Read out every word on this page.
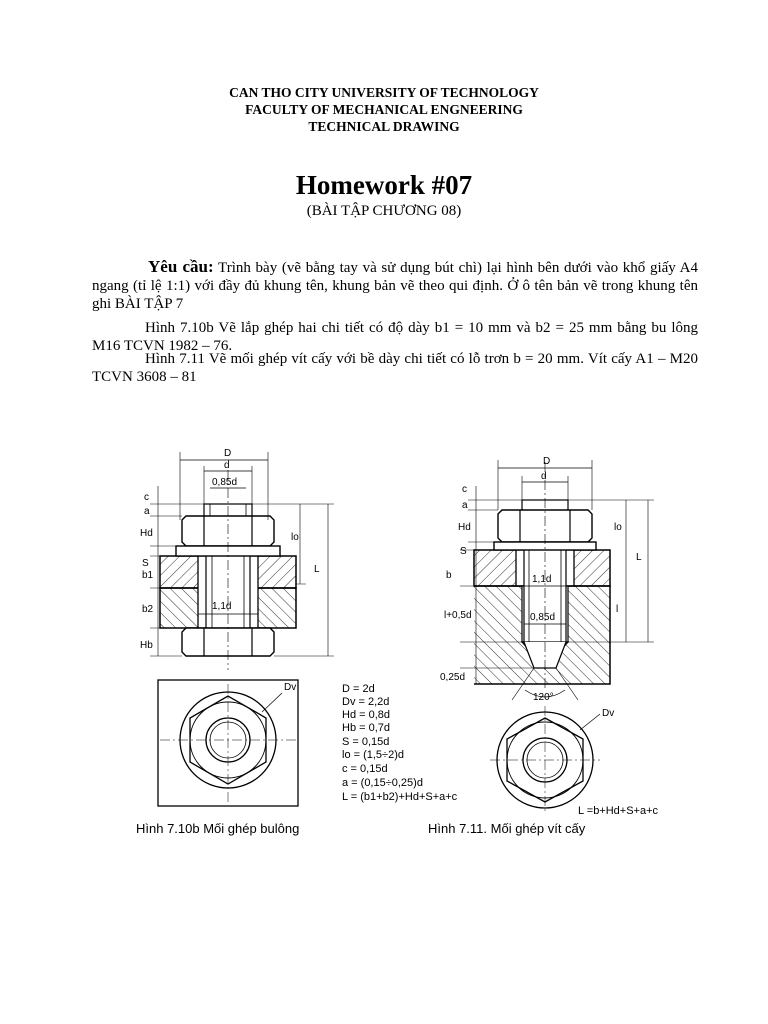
CAN THO CITY UNIVERSITY OF TECHNOLOGY
FACULTY OF MECHANICAL ENGNEERING
TECHNICAL DRAWING
Homework #07
(BÀI TẬP CHƯƠNG 08)
Yêu cầu: Trình bày (vẽ bằng tay và sử dụng bút chì) lại hình bên dưới vào khổ giấy A4 ngang (tỉ lệ 1:1) với đầy đủ khung tên, khung bản vẽ theo qui định. Ở ô tên bản vẽ trong khung tên ghi BÀI TẬP 7
Hình 7.10b Vẽ lắp ghép hai chi tiết có độ dày b1 = 10 mm và b2 = 25 mm bằng bu lông M16 TCVN 1982 – 76.
Hình 7.11 Vẽ mối ghép vít cấy với bề dày chi tiết có lỗ trơn b = 20 mm. Vít cấy A1 – M20 TCVN 3608 – 81
D
d
0,85d
1,1d
c
a
Hd
S
b1
b2
Hb
lo
L
Dv	D = 2d
Dv = 2,2d
Hd = 0,8d
Hb = 0,7d
S = 0,15d
lo = (1,5÷2)d
c = 0,15d
a = (0,15÷0,25)d
L = (b1+b2)+Hd+S+a+c
Hình 7.10b Mối ghép bulông
D
d
c
a
Hd
S
b	1,1d
0,85d
l+0,5d
l
0,25d
lo
L
120°
Dv
L =b+Hd+S+a+c
Hình 7.11. Mối ghép vít cấy
